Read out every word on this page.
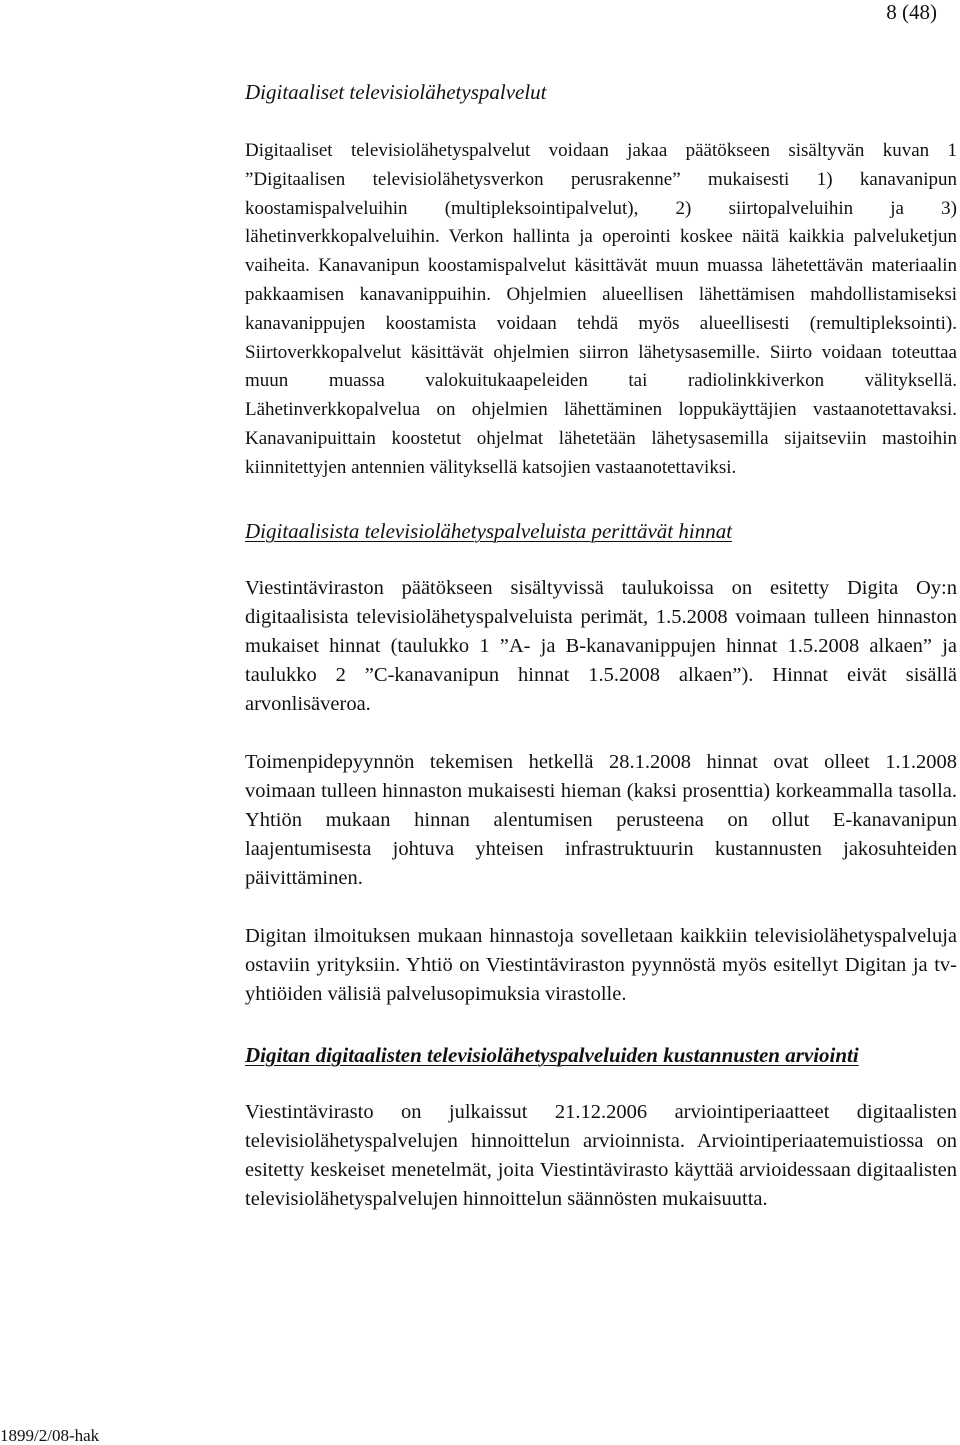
8 (48)
Digitaaliset televisiolähetyspalvelut

Digitaaliset televisiolähetyspalvelut voidaan jakaa päätökseen sisältyvän kuvan 1 ”Digitaalisen televisiolähetysverkon perusrakenne” mukaisesti 1) kanavanipun koostamispalveluihin (multipleksointipalvelut), 2) siirtopalveluihin ja 3) lähetinverkkopalveluihin. Verkon hallinta ja operointi koskee näitä kaikkia palveluketjun vaiheita. Kanavanipun koostamispalvelut käsittävät muun muassa lähetettävän materiaalin pakkaamisen kanavanippuihin. Ohjelmien alueellisen lähettämisen mahdollistamiseksi kanavanippujen koostamista voidaan tehdä myös alueellisesti (remultipleksointi). Siirtoverkkopalvelut käsittävät ohjelmien siirron lähetysasemille. Siirto voidaan toteuttaa muun muassa valokuitukaapeleiden tai radiolinkkiverkon välityksellä. Lähetinverkkopalvelua on ohjelmien lähettäminen loppukäyttäjien vastaanotettavaksi. Kanavanipuittain koostetut ohjelmat lähetetään lähetysasemilla sijaitseviin mastoihin kiinnitettyjen antennien välityksellä katsojien vastaanotettaviksi.

Digitaalisista televisiolähetyspalveluista perittävät hinnat

Viestintäviraston päätökseen sisältyvissä taulukoissa on esitetty Digita Oy:n digitaalisista televisiolähetyspalveluista perimät, 1.5.2008 voimaan tulleen hinnaston mukaiset hinnat (taulukko 1 ”A- ja B-kanavanippujen hinnat 1.5.2008 alkaen” ja taulukko 2 ”C-kanavanipun hinnat 1.5.2008 alkaen”). Hinnat eivät sisällä arvonlisäveroa.

Toimenpidepyynnön tekemisen hetkellä 28.1.2008 hinnat ovat olleet 1.1.2008 voimaan tulleen hinnaston mukaisesti hieman (kaksi prosenttia) korkeammalla tasolla. Yhtiön mukaan hinnan alentumisen perusteena on ollut E-kanavanipun laajentumisesta johtuva yhteisen infrastruktuurin kustannusten jakosuhteiden päivittäminen.

Digitan ilmoituksen mukaan hinnastoja sovelletaan kaikkiin televisiolähetyspalveluja ostaviin yrityksiin. Yhtiö on Viestintäviraston pyynnöstä myös esitellyt Digitan ja tv-yhtiöiden välisiä palvelusopimuksia virastolle.

Digitan digitaalisten televisiolähetyspalveluiden kustannusten arviointi

Viestintävirasto on julkaissut 21.12.2006 arviointiperiaatteet digitaalisten televisiolähetyspalvelujen hinnoittelun arvioinnista. Arviointiperiaatemuistiossa on esitetty keskeiset menetelmät, joita Viestintävirasto käyttää arvioidessaan digitaalisten televisiolähetyspalvelujen hinnoittelun säännösten mukaisuutta.

1899/2/08-hak
